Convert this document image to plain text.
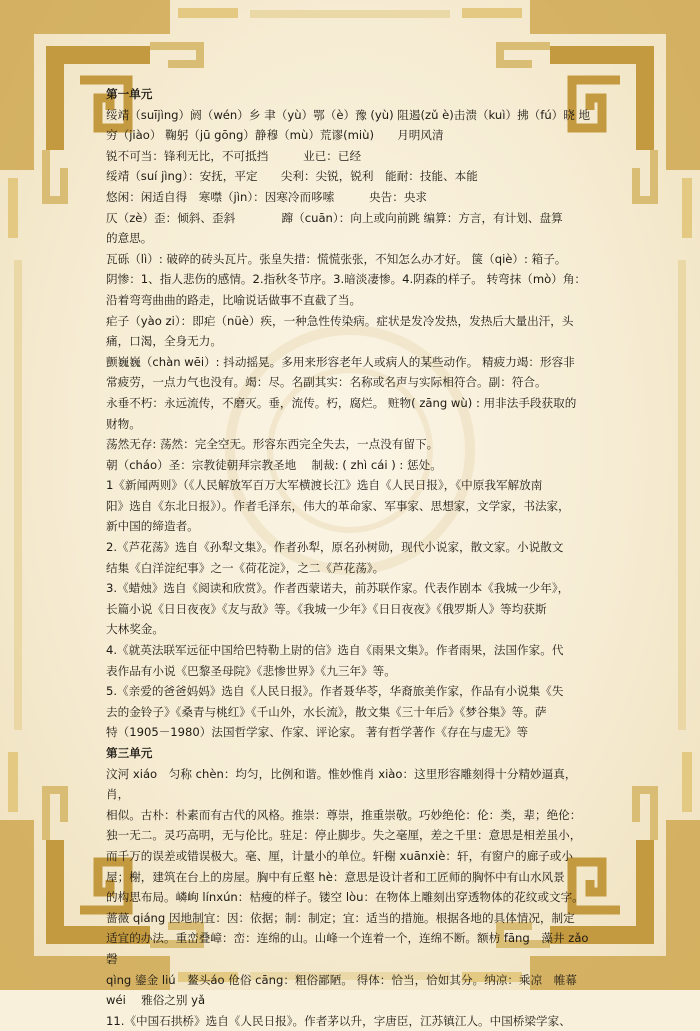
第一单元

绥靖（suījìng）阏（wén）乡 聿（yù）鄂（è）豫 (yù) 阻遏(zǔ è)击溃（kuì）拂（fú）晓 地

穷（jiào） 鞠躬（jū gōng）静穆（mù）荒谬(miù)　　月明风清

锐不可当：锋利无比，不可抵挡　　　业已：已经

绥靖（suí jìng）：安抚，平定　　尖利：尖锐，锐利　能耐：技能、本能

悠闲：闲适自得　寒噤（jìn）：因寒冷而哆嗦　　　央告：央求

仄（zè）歪：倾斜、歪斜　　　　蹿（cuān）：向上或向前跳 编算：方言，有计划、盘算

的意思。

瓦砾（lì）: 破碎的砖头瓦片。张皇失措：慌慌张张，不知怎么办才好。 箧（qiè）: 箱子。

阴惨：1、指人悲伤的感情。2.指秋冬节序。3.暗淡凄惨。4.阴森的样子。 转弯抹（mò）角：

沿着弯弯曲曲的路走，比喻说话做事不直截了当。

疟子（yào zi）：即疟（nüè）疾，一种急性传染病。症状是发冷发热，发热后大量出汗，头

痛，口渴，全身无力。

颤巍巍（chàn wēi）: 抖动摇晃。多用来形容老年人或病人的某些动作。 精疲力竭：形容非

常疲劳，一点力气也没有。竭：尽。名副其实：名称或名声与实际相符合。副：符合。

永垂不朽：永远流传，不磨灭。垂，流传。朽，腐烂。 赃物( zāng wù) : 用非法手段获取的

财物。

荡然无存: 荡然：完全空无。形容东西完全失去，一点没有留下。

朝（cháo）圣：宗教徒朝拜宗教圣地　 制裁: ( zhì cái ) : 惩处。

1《新闻两则》（《人民解放军百万大军横渡长江》选自《人民日报》，《中原我军解放南

阳》选自《东北日报》）。作者毛泽东，伟大的革命家、军事家、思想家，文学家，书法家，

新中国的缔造者。

2.《芦花荡》选自《孙犁文集》。作者孙犁，原名孙树勋，现代小说家，散文家。小说散文

结集《白洋淀纪事》之一《荷花淀》，之二《芦花荡》。

3.《蜡烛》选自《阅读和欣赏》。作者西蒙诺夫，前苏联作家。代表作剧本《我城一少年》，

长篇小说《日日夜夜》《友与敌》等。《我城一少年》《日日夜夜》《俄罗斯人》等均获斯

大林奖金。

4.《就英法联军远征中国给巴特勒上尉的信》选自《雨果文集》。作者雨果，法国作家。代

表作品有小说《巴黎圣母院》《悲惨世界》《九三年》等。

5.《亲爱的爸爸妈妈》选自《人民日报》。作者聂华苓，华裔旅美作家，作品有小说集《失

去的金铃子》《桑青与桃红》《千山外，水长流》，散文集《三十年后》《梦谷集》等。萨

特（1905－1980）法国哲学家、作家、评论家。 著有哲学著作《存在与虚无》等

第三单元

汶河 xiáo　匀称 chèn：均匀，比例和谐。惟妙惟肖 xiào：这里形容雕刻得十分精妙逼真，肖，

相似。古朴：朴素而有古代的风格。推崇：尊崇，推重崇敬。巧妙绝伦：伦：类，辈；绝伦：

独一无二。灵巧高明，无与伦比。驻足：停止脚步。失之毫厘，差之千里：意思是相差虽小，

而千万的误差或错误极大。毫、厘，计量小的单位。轩榭 xuānxiè：轩，有窗户的廊子或小

屋；榭，建筑在台上的房屋。胸中有丘壑 hè：意思是设计者和工匠师的胸怀中有山水风景

的构思布局。嶙峋 línxún：枯瘦的样子。镂空 lòu：在物体上雕刻出穿透物体的花纹或文字。

蔷薇 qiáng 因地制宜：因：依据；制：制定；宜：适当的措施。根据各地的具体情况，制定

适宜的办法。重峦叠嶂：峦：连绵的山。山峰一个连着一个，连绵不断。额枋 fāng　藻井 zǎo 磬

qìng 鎏金 liú　鳌头áo 伧俗 cāng：粗俗鄙陋。 得体：恰当，恰如其分。纳凉：乘凉　帷幕

wéi　 雅俗之别 yǎ

11.《中国石拱桥》选自《人民日报》。作者茅以升，字唐臣，江苏镇江人。中国桥梁学家、
